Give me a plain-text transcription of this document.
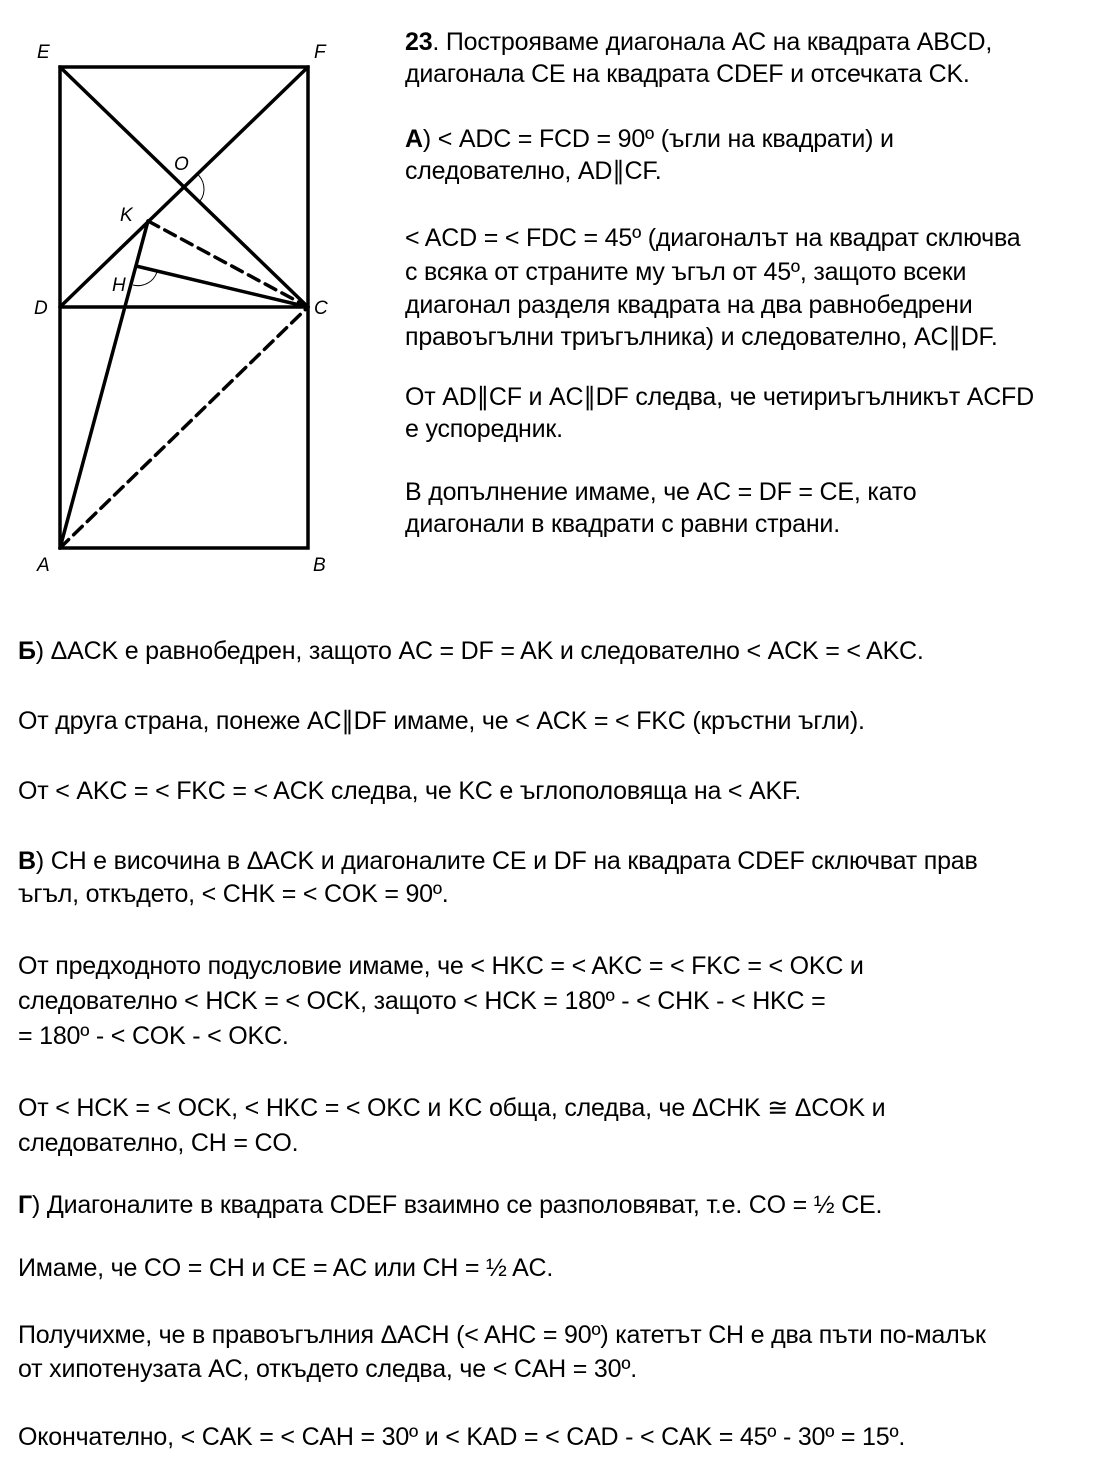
E	F
O
K
H
D	C
A	B
23. Построяваме диагонала AC на квадрата ABCD,
диагонала CE на квадрата CDEF и отсечката CK.
А) < ADC = FCD = 90º (ъгли на квадрати) и
следователно, AD∥CF.
< ACD = < FDC = 45º (диагоналът на квадрат сключва
с всяка от страните му ъгъл от 45º, защото всеки
диагонал разделя квадрата на два равнобедрени
правоъгълни триъгълника) и следователно, AC∥DF.
От AD∥CF и AC∥DF следва, че четириъгълникът ACFD
е успоредник.
В допълнение имаме, че AC = DF = CE, като
диагонали в квадрати с равни страни.
Б) ΔACK е равнобедрен, защото AC = DF = AK и следователно < ACK = < AKC.
От друга страна, понеже AC∥DF имаме, че < ACK = < FKC (кръстни ъгли).
От < AKC = < FKC = < ACK следва, че KC е ъглополовяща на < AKF.
В) CH е височина в ΔACK и диагоналите CE и DF на квадрата CDEF сключват прав
ъгъл, откъдето, < CHK = < COK = 90º.
От предходното подусловие имаме, че < HKC = < AKC = < FKC = < OKC и
следователно < HCK = < OCK, защото < HCK = 180º - < CHK - < HKC =
= 180º - < COK - < OKC.
От < HCK = < OCK, < HKC = < OKC и KC обща, следва, че ΔCHK ≅ ΔCOK и
следователно, CH = CO.
Г) Диагоналите в квадрата CDEF взаимно се разполовяват, т.е. CO = ½ CE.
Имаме, че CO = CH и CE = AC или CH = ½ AC.
Получихме, че в правоъгълния ΔACH (< AHC = 90º) катетът CH е два пъти по-малък
от хипотенузата AC, откъдето следва, че < CAH = 30º.
Окончателно, < CAK = < CAH = 30º и < KAD = < CAD - < CAK = 45º - 30º = 15º.
